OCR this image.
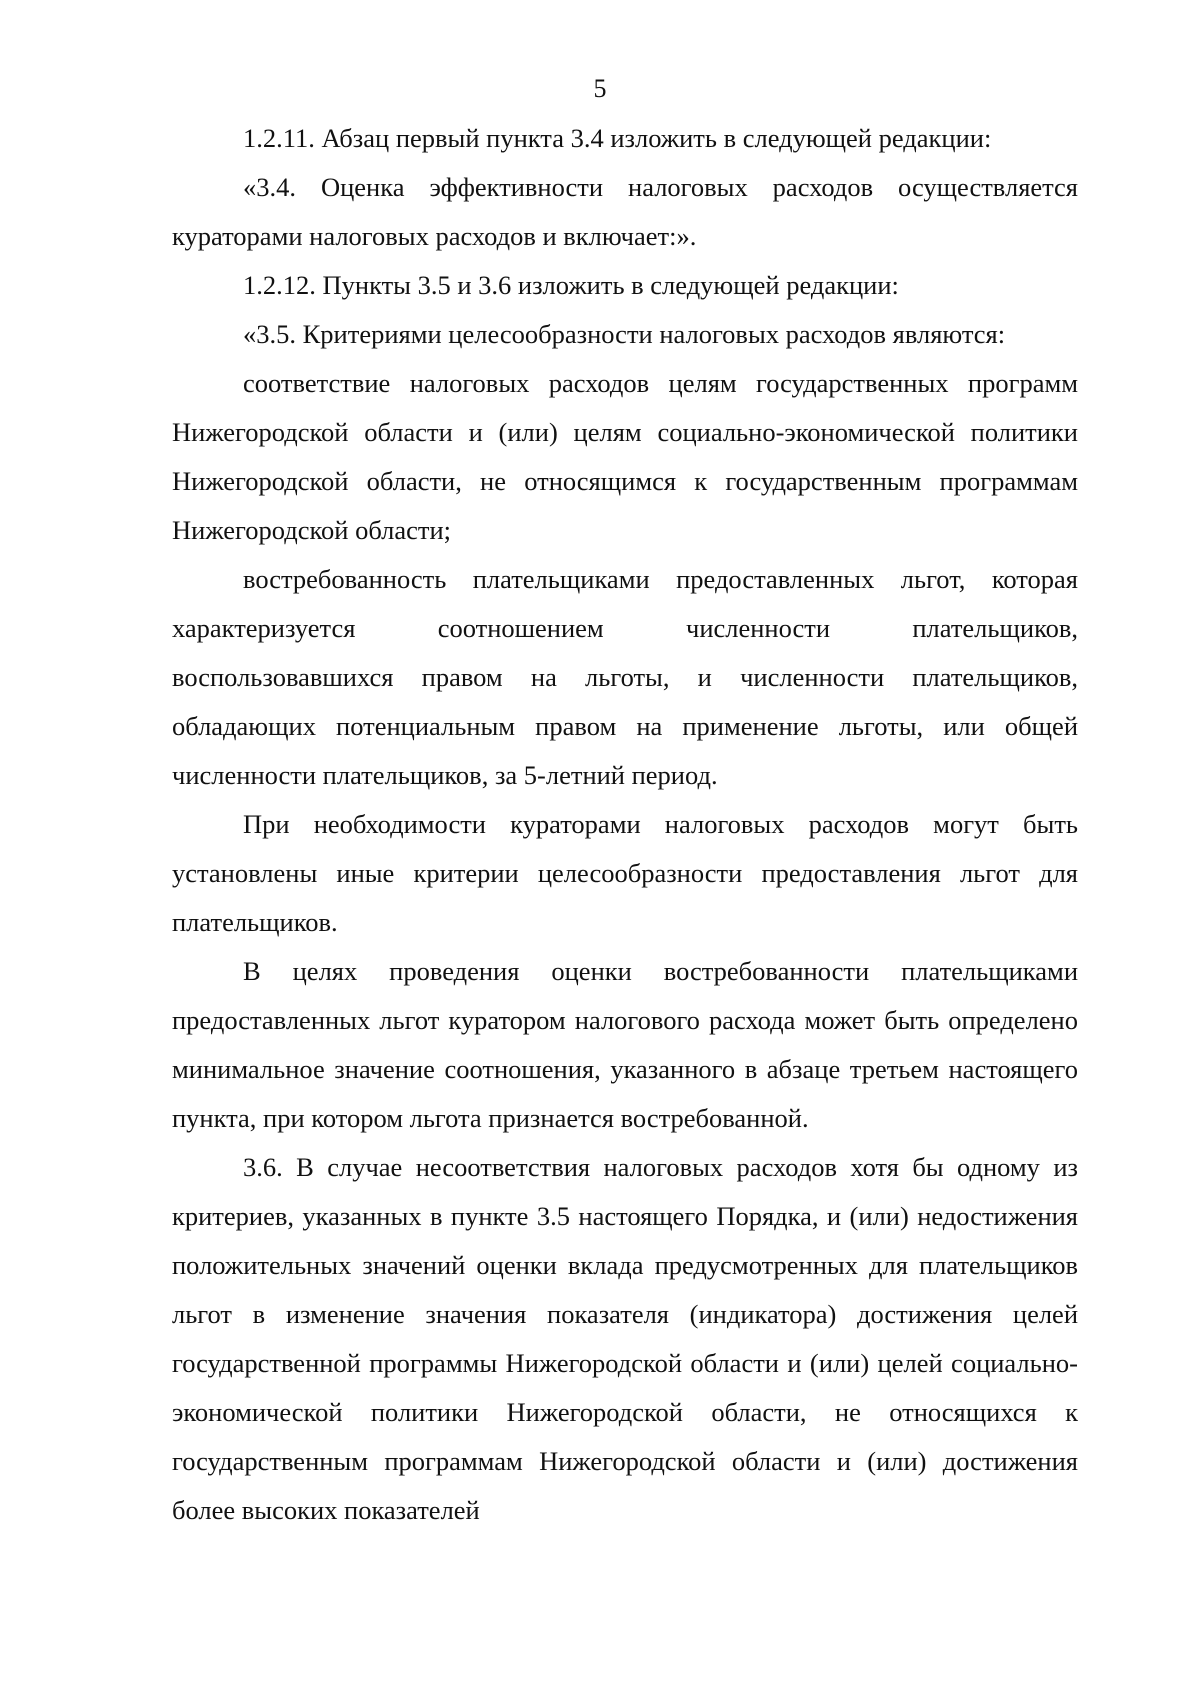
5

1.2.11. Абзац первый пункта 3.4 изложить в следующей редакции:

«3.4. Оценка эффективности налоговых расходов осуществляется кураторами налоговых расходов и включает:».

1.2.12. Пункты 3.5 и 3.6 изложить в следующей редакции:

«3.5. Критериями целесообразности налоговых расходов являются:

соответствие налоговых расходов целям государственных программ Нижегородской области и (или) целям социально-экономической политики Нижегородской области, не относящимся к государственным программам Нижегородской области;

востребованность плательщиками предоставленных льгот, которая характеризуется соотношением численности плательщиков, воспользовавшихся правом на льготы, и численности плательщиков, обладающих потенциальным правом на применение льготы, или общей численности плательщиков, за 5-летний период.

При необходимости кураторами налоговых расходов могут быть установлены иные критерии целесообразности предоставления льгот для плательщиков.

В целях проведения оценки востребованности плательщиками предоставленных льгот куратором налогового расхода может быть определено минимальное значение соотношения, указанного в абзаце третьем настоящего пункта, при котором льгота признается востребованной.

3.6. В случае несоответствия налоговых расходов хотя бы одному из критериев, указанных в пункте 3.5 настоящего Порядка, и (или) недостижения положительных значений оценки вклада предусмотренных для плательщиков льгот в изменение значения показателя (индикатора) достижения целей государственной программы Нижегородской области и (или) целей социально-экономической политики Нижегородской области, не относящихся к государственным программам Нижегородской области и (или) достижения более высоких показателей
